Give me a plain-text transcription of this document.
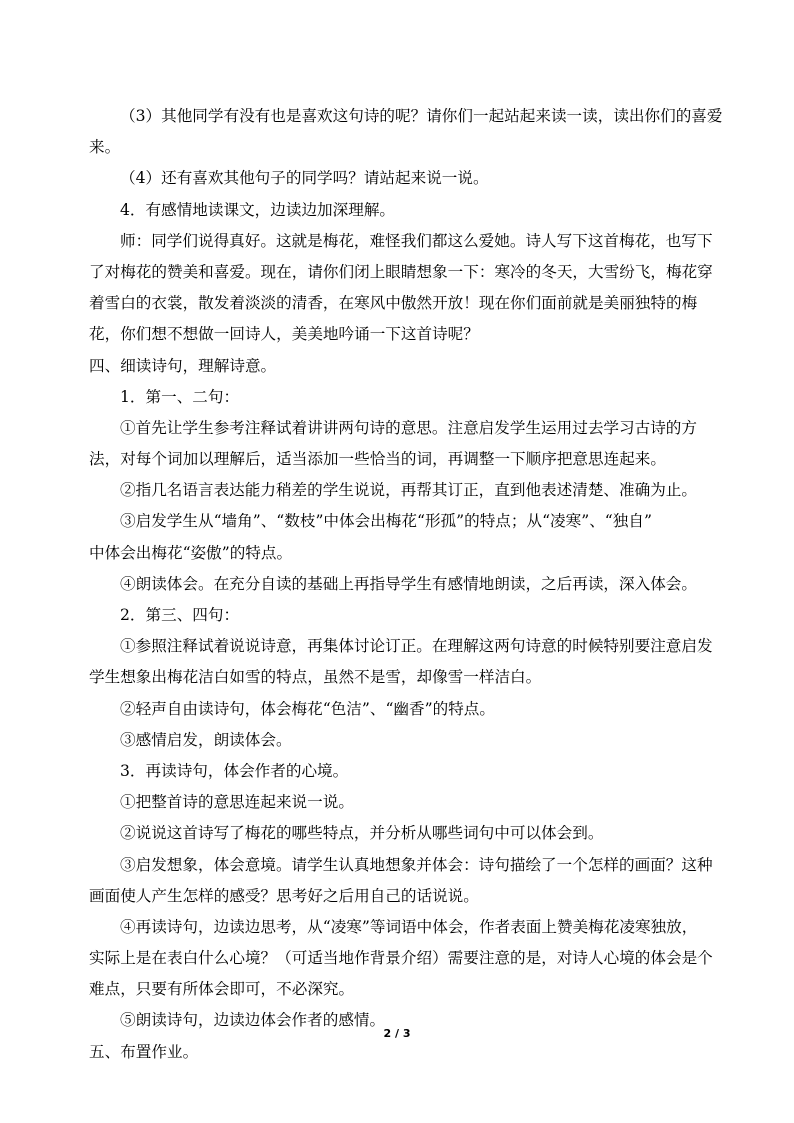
（3）其他同学有没有也是喜欢这句诗的呢？请你们一起站起来读一读，读出你们的喜爱

来。

（4）还有喜欢其他句子的同学吗？请站起来说一说。

4．有感情地读课文，边读边加深理解。

师：同学们说得真好。这就是梅花，难怪我们都这么爱她。诗人写下这首梅花，也写下

了对梅花的赞美和喜爱。现在，请你们闭上眼睛想象一下：寒冷的冬天，大雪纷飞，梅花穿

着雪白的衣裳，散发着淡淡的清香，在寒风中傲然开放！现在你们面前就是美丽独特的梅

花，你们想不想做一回诗人，美美地吟诵一下这首诗呢？

四、细读诗句，理解诗意。

1．第一、二句：

①首先让学生参考注释试着讲讲两句诗的意思。注意启发学生运用过去学习古诗的方

法，对每个词加以理解后，适当添加一些恰当的词，再调整一下顺序把意思连起来。

②指几名语言表达能力稍差的学生说说，再帮其订正，直到他表述清楚、准确为止。

③启发学生从“墙角”、“数枝”中体会出梅花“形孤”的特点；从“凌寒”、“独自”

中体会出梅花“姿傲”的特点。

④朗读体会。在充分自读的基础上再指导学生有感情地朗读，之后再读，深入体会。

2．第三、四句：

①参照注释试着说说诗意，再集体讨论订正。在理解这两句诗意的时候特别要注意启发

学生想象出梅花洁白如雪的特点，虽然不是雪，却像雪一样洁白。

②轻声自由读诗句，体会梅花“色洁”、“幽香”的特点。

③感情启发，朗读体会。

3．再读诗句，体会作者的心境。

①把整首诗的意思连起来说一说。

②说说这首诗写了梅花的哪些特点，并分析从哪些词句中可以体会到。

③启发想象，体会意境。请学生认真地想象并体会：诗句描绘了一个怎样的画面？这种

画面使人产生怎样的感受？思考好之后用自己的话说说。

④再读诗句，边读边思考，从“凌寒”等词语中体会，作者表面上赞美梅花凌寒独放，

实际上是在表白什么心境？（可适当地作背景介绍）需要注意的是，对诗人心境的体会是个

难点，只要有所体会即可，不必深究。

⑤朗读诗句，边读边体会作者的感情。

五、布置作业。

2 / 3
